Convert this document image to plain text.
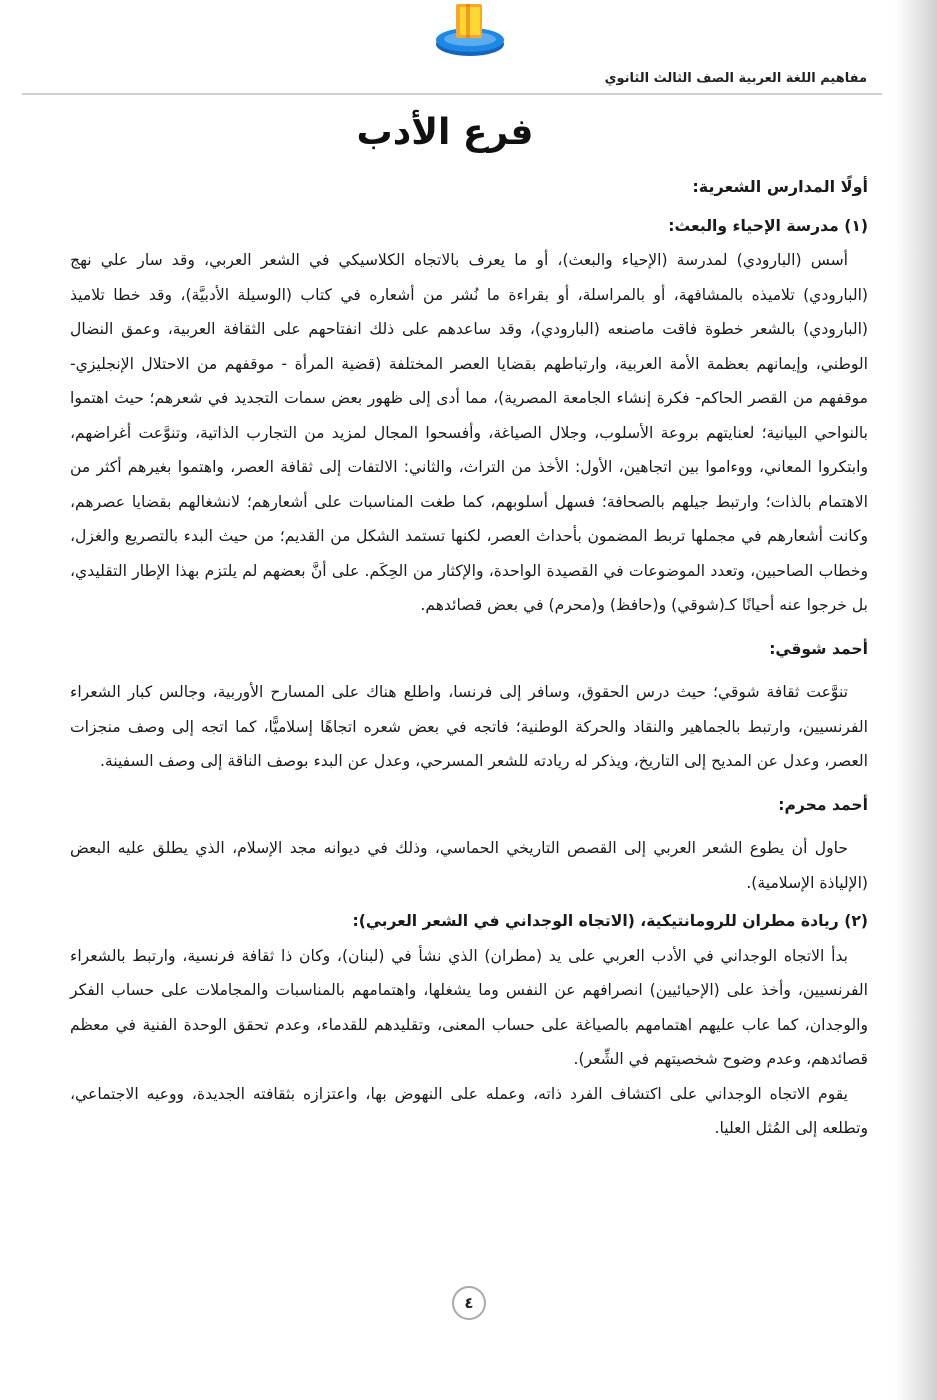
مفاهيم اللغة العربية الصف الثالث الثانوي
فرع الأدب
أولًا المدارس الشعرية:
(١) مدرسة الإحياء والبعث:

أسس (البارودي) لمدرسة (الإحياء والبعث)، أو ما يعرف بالاتجاه الكلاسيكي في الشعر العربي، وقد سار علي نهج (البارودي) تلاميذه بالمشافهة، أو بالمراسلة، أو بقراءة ما نُشر من أشعاره في كتاب (الوسيلة الأدبيَّة)، وقد خطا تلاميذ (البارودي) بالشعر خطوة فاقت ماصنعه (البارودي)، وقد ساعدهم على ذلك انفتاحهم على الثقافة العربية، وعمق النضال الوطني، وإيمانهم بعظمة الأمة العربية، وارتباطهم بقضايا العصر المختلفة (قضية المرأة - موقفهم من الاحتلال الإنجليزي- موقفهم من القصر الحاكم- فكرة إنشاء الجامعة المصرية)، مما أدى إلى ظهور بعض سمات التجديد في شعرهم؛ حيث اهتموا بالنواحي البيانية؛ لعنايتهم بروعة الأسلوب، وجلال الصياغة، وأفسحوا المجال لمزيد من التجارب الذاتية، وتنوَّعت أغراضهم، وابتكروا المعاني، ووءاموا بين اتجاهين، الأول: الأخذ من التراث، والثاني: الالتفات إلى ثقافة العصر، واهتموا بغيرهم أكثر من الاهتمام بالذات؛ وارتبط جيلهم بالصحافة؛ فسهل أسلوبهم، كما طغت المناسبات على أشعارهم؛ لانشغالهم بقضايا عصرهم، وكانت أشعارهم في مجملها تربط المضمون بأحداث العصر، لكنها تستمد الشكل من القديم؛ من حيث البدء بالتصريع والغزل، وخطاب الصاحبين، وتعدد الموضوعات في القصيدة الواحدة، والإكثار من الحِكَم. على أنَّ بعضهم لم يلتزم بهذا الإطار التقليدي، بل خرجوا عنه أحيانًا كـ(شوقي) و(حافظ) و(محرم) في بعض قصائدهم.

أحمد شوقي:

تنوَّعت ثقافة شوقي؛ حيث درس الحقوق، وسافر إلى فرنسا، واطلع هناك على المسارح الأوربية، وجالس كبار الشعراء الفرنسيين، وارتبط بالجماهير والنقاد والحركة الوطنية؛ فاتجه في بعض شعره اتجاهًا إسلاميًّا، كما اتجه إلى وصف منجزات العصر، وعدل عن المديح إلى التاريخ، ويذكر له ريادته للشعر المسرحي، وعدل عن البدء بوصف الناقة إلى وصف السفينة.

أحمد محرم:

حاول أن يطوع الشعر العربي إلى القصص التاريخي الحماسي، وذلك في ديوانه مجد الإسلام، الذي يطلق عليه البعض (الإلياذة الإسلامية).

(٢) ريادة مطران للرومانتيكية، (الاتجاه الوجداني في الشعر العربي):

بدأ الاتجاه الوجداني في الأدب العربي على يد (مطران) الذي نشأ في (لبنان)، وكان ذا ثقافة فرنسية، وارتبط بالشعراء الفرنسيين، وأخذ على (الإحيائيين) انصرافهم عن النفس وما يشغلها، واهتمامهم بالمناسبات والمجاملات على حساب الفكر والوجدان، كما عاب عليهم اهتمامهم بالصياغة على حساب المعنى، وتقليدهم للقدماء، وعدم تحقق الوحدة الفنية في معظم قصائدهم، وعدم وضوح شخصيتهم في الشِّعر).

يقوم الاتجاه الوجداني على اكتشاف الفرد ذاته، وعمله على النهوض بها، واعتزازه بثقافته الجديدة، ووعيه الاجتماعي، وتطلعه إلى المُثل العليا.

٤
